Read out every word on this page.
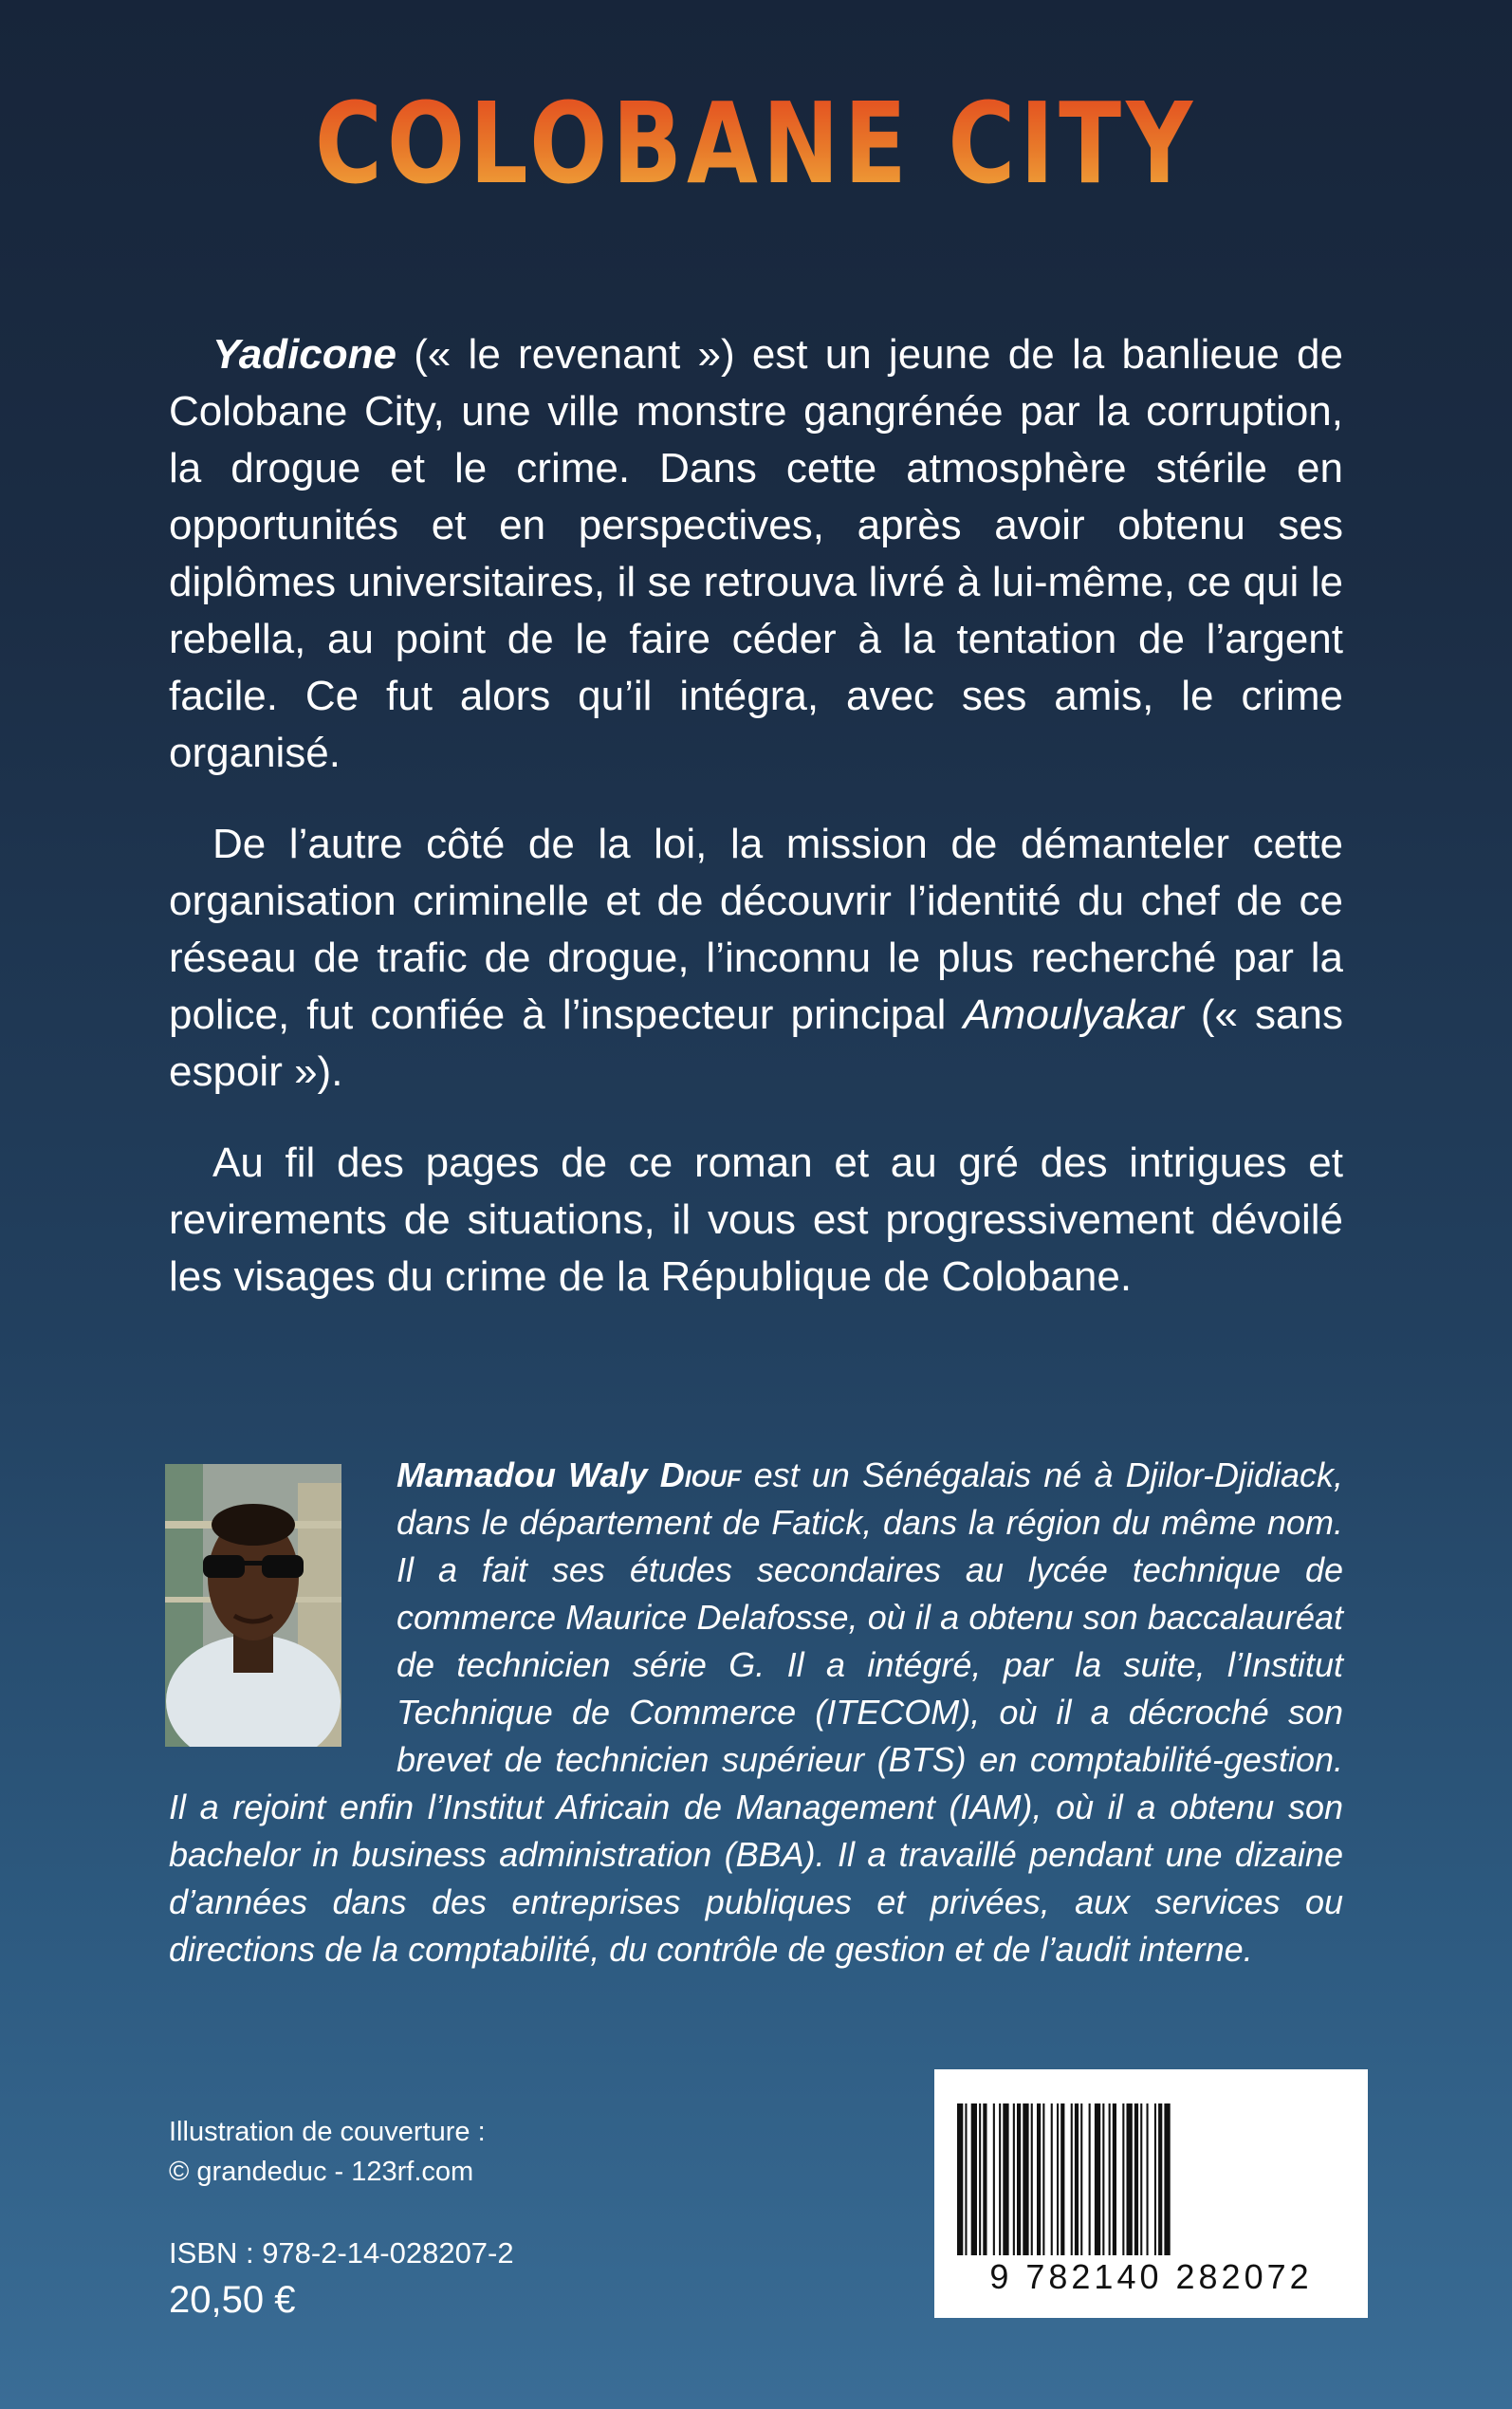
COLOBANE CITY

Yadicone (« le revenant ») est un jeune de la banlieue de Colobane City, une ville monstre gangrénée par la corruption, la drogue et le crime. Dans cette atmosphère stérile en opportunités et en perspectives, après avoir obtenu ses diplômes universitaires, il se retrouva livré à lui-même, ce qui le rebella, au point de le faire céder à la tentation de l’argent facile. Ce fut alors qu’il intégra, avec ses amis, le crime organisé.

De l’autre côté de la loi, la mission de démanteler cette organisation criminelle et de découvrir l’identité du chef de ce réseau de trafic de drogue, l’inconnu le plus recherché par la police, fut confiée à l’inspecteur principal Amoulyakar (« sans espoir »).

Au fil des pages de ce roman et au gré des intrigues et revirements de situations, il vous est progressivement dévoilé les visages du crime de la République de Colobane.

Mamadou Waly Diouf est un Sénégalais né à Djilor-Djidiack, dans le département de Fatick, dans la région du même nom. Il a fait ses études secondaires au lycée technique de commerce Maurice Delafosse, où il a obtenu son baccalauréat de technicien série G. Il a intégré, par la suite, l’Institut Technique de Commerce (ITECOM), où il a décroché son brevet de technicien supérieur (BTS) en comptabilité-gestion. Il a rejoint enfin l’Institut Africain de Management (IAM), où il a obtenu son bachelor in business administration (BBA). Il a travaillé pendant une dizaine d’années dans des entreprises publiques et privées, aux services ou directions de la comptabilité, du contrôle de gestion et de l’audit interne.
Illustration de couverture :
© grandeduc - 123rf.com
ISBN : 978-2-14-028207-2
20,50 €
9 782140 282072
